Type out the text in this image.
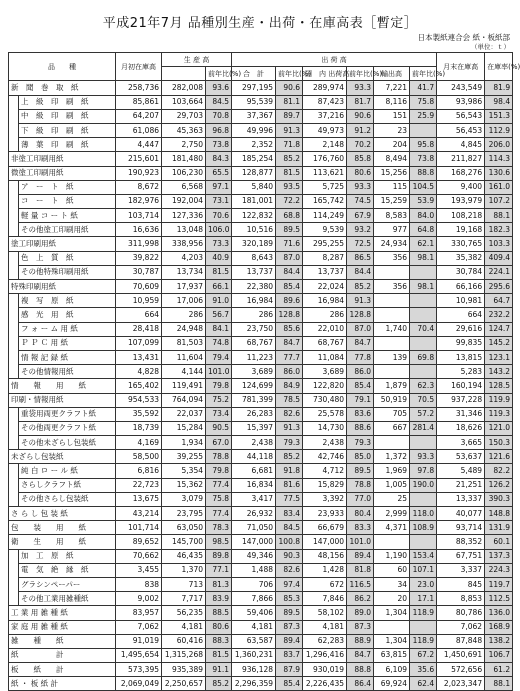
平成21年7月 品種別生産・出荷・在庫高表［暫定］
日本製紙連合会 紙・板紙部
（単位：ｔ）
品　　種		月初在庫高	生 産 高		出 荷 高						月末在庫高	在庫率(%)
					合　計	前年比(%)	国　内 出荷高	前年比(%)	輸出高	前年比(%)		
				前年比(%)								
新　聞　巻　取　紙		258,736	282,008	93.6	297,195	90.6	289,974	93.3	7,221	41.7	243,549	81.9
	上　級　印　刷　紙	85,861	103,664	84.5	95,539	81.1	87,423	81.7	8,116	75.8	93,986	98.4
	中　級　印　刷　紙	64,207	29,703	70.8	37,367	89.7	37,216	90.6	151	25.9	56,543	151.3
	下　級　印　刷　紙	61,086	45,363	96.8	49,996	91.3	49,973	91.2	23		56,453	112.9
	薄　葉　印　刷　紙	4,447	2,750	73.8	2,352	71.8	2,148	70.2	204	95.8	4,845	206.0
非塗工印刷用紙		215,601	181,480	84.3	185,254	85.2	176,760	85.8	8,494	73.8	211,827	114.3
微塗工印刷用紙		190,923	106,230	65.5	128,877	81.5	113,621	80.6	15,256	88.8	168,276	130.6
	ア　ー　ト　紙	8,672	6,568	97.1	5,840	93.5	5,725	93.3	115	104.5	9,400	161.0
	コ　ー　ト　紙	182,976	192,004	73.1	181,001	72.2	165,742	74.5	15,259	53.9	193,979	107.2
	軽 量 コ ー ト 紙	103,714	127,336	70.6	122,832	68.8	114,249	67.9	8,583	84.0	108,218	88.1
	その他塗工印刷用紙	16,636	13,048	106.0	10,516	89.5	9,539	93.2	977	64.8	19,168	182.3
塗工印刷用紙		311,998	338,956	73.3	320,189	71.6	295,255	72.5	24,934	62.1	330,765	103.3
	色　上　質　紙	39,822	4,203	40.9	8,643	87.0	8,287	86.5	356	98.1	35,382	409.4
	その他特殊印刷用紙	30,787	13,734	81.5	13,737	84.4	13,737	84.4			30,784	224.1
特殊印刷用紙		70,609	17,937	66.1	22,380	85.4	22,024	85.2	356	98.1	66,166	295.6
	複　写　原　紙	10,959	17,006	91.0	16,984	89.6	16,984	91.3			10,981	64.7
	感　光　用　紙	664	286	56.7	286	128.8	286	128.8			664	232.2
	フ ォ ー ム 用 紙	28,418	24,948	84.1	23,750	85.6	22,010	87.0	1,740	70.4	29,616	124.7
	Ｐ Ｐ Ｃ 用 紙	107,099	81,503	74.8	68,767	84.7	68,767	84.7			99,835	145.2
	情 報 記 録 紙	13,431	11,604	79.4	11,223	77.7	11,084	77.8	139	69.8	13,815	123.1
	その他情報用紙	4,828	4,144	101.0	3,689	86.0	3,689	86.0			5,283	143.2
情　　報　　用　　紙		165,402	119,491	79.8	124,699	84.9	122,820	85.4	1,879	62.3	160,194	128.5
印刷・情報用紙		954,533	764,094	75.2	781,399	78.5	730,480	79.1	50,919	70.5	937,228	119.9
	重袋用両更クラフト紙	35,592	22,037	73.4	26,283	82.6	25,578	83.6	705	57.2	31,346	119.3
	その他両更クラフト紙	18,739	15,284	90.5	15,397	91.3	14,730	88.6	667	281.4	18,626	121.0
	その他未ざらし包装紙	4,169	1,934	67.0	2,438	79.3	2,438	79.3			3,665	150.3
未ざらし包装紙		58,500	39,255	78.8	44,118	85.2	42,746	85.0	1,372	93.3	53,637	121.6
	純 白 ロ ー ル 紙	6,816	5,354	79.8	6,681	91.8	4,712	89.5	1,969	97.8	5,489	82.2
	さらしクラフト紙	22,723	15,362	77.4	16,834	81.6	15,829	78.8	1,005	190.0	21,251	126.2
	その他さらし包装紙	13,675	3,079	75.8	3,417	77.5	3,392	77.0	25		13,337	390.3
さ ら し 包 装 紙		43,214	23,795	77.4	26,932	83.4	23,933	80.4	2,999	118.0	40,077	148.8
包　　装　　用　　紙		101,714	63,050	78.3	71,050	84.5	66,679	83.3	4,371	108.9	93,714	131.9
衛　　生　　用　　紙		89,652	145,700	98.5	147,000	100.8	147,000	101.0			88,352	60.1
	加　工　原　紙	70,662	46,435	89.8	49,346	90.3	48,156	89.4	1,190	153.4	67,751	137.3
	電　気　絶　縁　紙	3,455	1,370	77.1	1,488	82.6	1,428	81.8	60	107.1	3,337	224.3
	グラシンペーパー	838	713	81.3	706	97.4	672	116.5	34	23.0	845	119.7
	その他工業用雑種紙	9,002	7,717	83.9	7,866	85.3	7,846	86.2	20	17.1	8,853	112.5
工 業 用 雑 種 紙		83,957	56,235	88.5	59,406	89.5	58,102	89.0	1,304	118.9	80,786	136.0
家 庭 用 雑 種 紙		7,062	4,181	80.6	4,181	87.3	4,181	87.3			7,062	168.9
雑　　種　　紙		91,019	60,416	88.3	63,587	89.4	62,283	88.9	1,304	118.9	87,848	138.2
紙　　　　　計		1,495,654	1,315,268	81.5	1,360,231	83.7	1,296,416	84.7	63,815	67.2	1,450,691	106.7
板　　紙　　計		573,395	935,389	91.1	936,128	87.9	930,019	88.8	6,109	35.6	572,656	61.2
紙 ・ 板 紙 計		2,069,049	2,250,657	85.2	2,296,359	85.4	2,226,435	86.4	69,924	62.4	2,023,347	88.1
